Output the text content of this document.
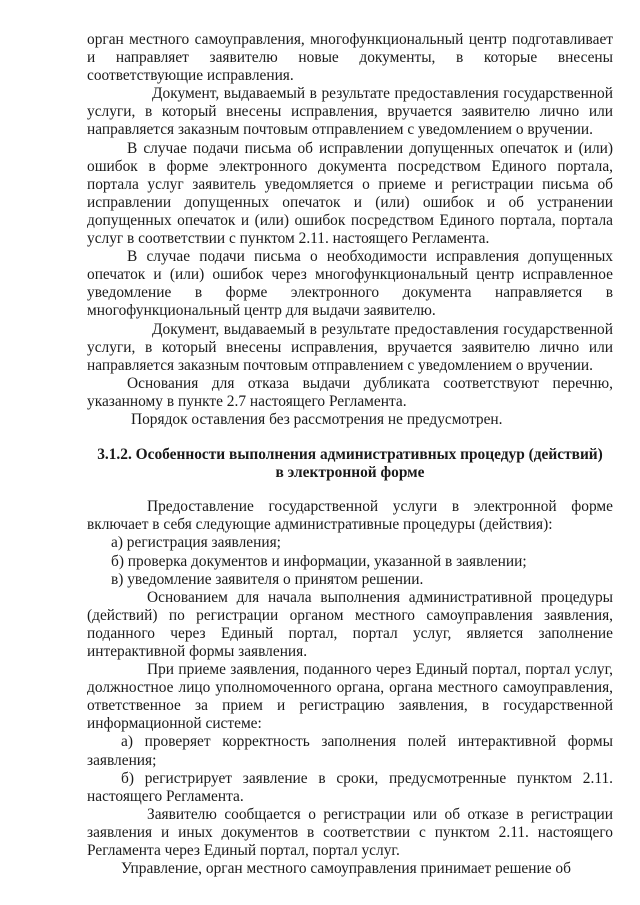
орган местного самоуправления, многофункциональный центр подготавливает и направляет заявителю новые документы, в которые внесены соответствующие исправления.

Документ, выдаваемый в результате предоставления государственной услуги, в который внесены исправления, вручается заявителю лично или направляется заказным почтовым отправлением с уведомлением о вручении.

В случае подачи письма об исправлении допущенных опечаток и (или) ошибок в форме электронного документа посредством Единого портала, портала услуг заявитель уведомляется о приеме и регистрации письма об исправлении допущенных опечаток и (или) ошибок и об устранении допущенных опечаток и (или) ошибок посредством Единого портала, портала услуг в соответствии с пунктом 2.11. настоящего Регламента.

В случае подачи письма о необходимости исправления допущенных опечаток и (или) ошибок через многофункциональный центр исправленное уведомление в форме электронного документа направляется в многофункциональный центр для выдачи заявителю.

Документ, выдаваемый в результате предоставления государственной услуги, в который внесены исправления, вручается заявителю лично или направляется заказным почтовым отправлением с уведомлением о вручении.

Основания для отказа выдачи дубликата соответствуют перечню, указанному в пункте 2.7 настоящего Регламента.

Порядок оставления без рассмотрения не предусмотрен.

3.1.2. Особенности выполнения административных процедур (действий)
в электронной форме

Предоставление государственной услуги в электронной форме включает в себя следующие административные процедуры (действия):

а) регистрация заявления;

б) проверка документов и информации, указанной в заявлении;

в) уведомление заявителя о принятом решении.

Основанием для начала выполнения административной процедуры (действий) по регистрации органом местного самоуправления заявления, поданного через Единый портал, портал услуг, является заполнение интерактивной формы заявления.

При приеме заявления, поданного через Единый портал, портал услуг, должностное лицо уполномоченного органа, органа местного самоуправления, ответственное за прием и регистрацию заявления, в государственной информационной системе:

а) проверяет корректность заполнения полей интерактивной формы заявления;

б) регистрирует заявление в сроки, предусмотренные пунктом 2.11. настоящего Регламента.

Заявителю сообщается о регистрации или об отказе в регистрации заявления и иных документов в соответствии с пунктом 2.11. настоящего Регламента через Единый портал, портал услуг.

Управление, орган местного самоуправления принимает решение об
